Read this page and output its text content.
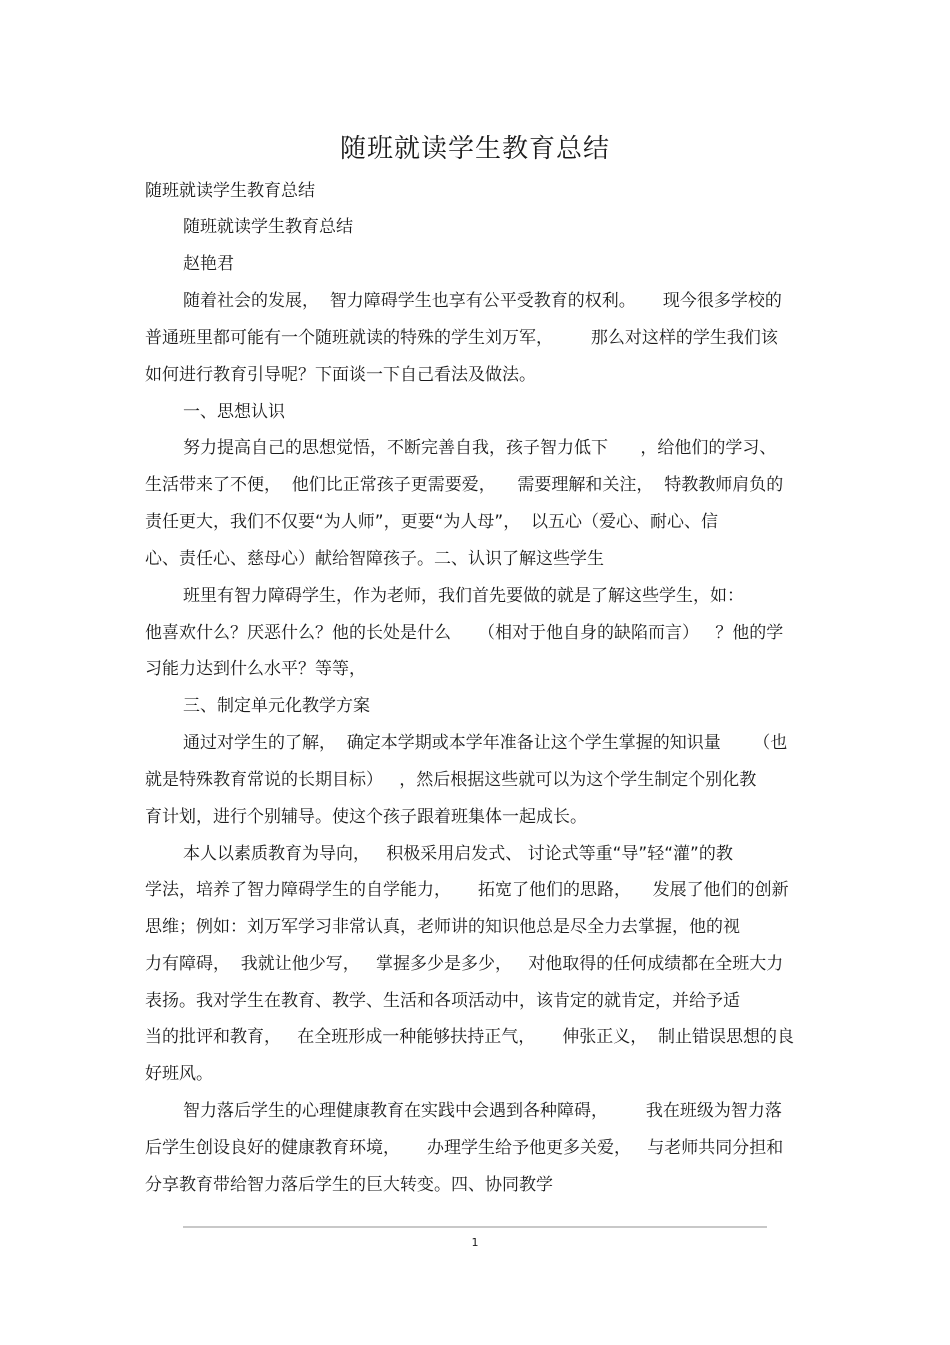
随班就读学生教育总结
随班就读学生教育总结
随班就读学生教育总结
赵艳君
随着社会的发展，  智力障碍学生也享有公平受教育的权利。     现今很多学校的
普通班里都可能有一个随班就读的特殊的学生刘万军，       那么对这样的学生我们该
如何进行教育引导呢？下面谈一下自己看法及做法。
一、思想认识
努力提高自己的思想觉悟，不断完善自我，孩子智力低下      ，给他们的学习、
生活带来了不便，  他们比正常孩子更需要爱，    需要理解和关注，  特教教师肩负的
责任更大，我们不仅要“为人师”，更要“为人母”，  以五心（爱心、耐心、信
心、责任心、慈母心）献给智障孩子。二、认识了解这些学生
班里有智力障碍学生，作为老师，我们首先要做的就是了解这些学生，如：
他喜欢什么？厌恶什么？他的长处是什么     （相对于他自身的缺陷而言）   ？他的学
习能力达到什么水平？等等，
三、制定单元化教学方案
通过对学生的了解，  确定本学期或本学年准备让这个学生掌握的知识量      （也
就是特殊教育常说的长期目标）   ，然后根据这些就可以为这个学生制定个别化教
育计划，进行个别辅导。使这个孩子跟着班集体一起成长。
本人以素质教育为导向，   积极采用启发式、 讨论式等重“导”轻“灌”的教
学法，培养了智力障碍学生的自学能力，     拓宽了他们的思路，    发展了他们的创新
思维；例如：刘万军学习非常认真，老师讲的知识他总是尽全力去掌握，他的视
力有障碍，  我就让他少写，   掌握多少是多少，   对他取得的任何成绩都在全班大力
表扬。我对学生在教育、教学、生活和各项活动中，该肯定的就肯定，并给予适
当的批评和教育，   在全班形成一种能够扶持正气，     伸张正义，  制止错误思想的良
好班风。
智力落后学生的心理健康教育在实践中会遇到各种障碍，       我在班级为智力落
后学生创设良好的健康教育环境，     办理学生给予他更多关爱，   与老师共同分担和
分享教育带给智力落后学生的巨大转变。四、协同教学
1
